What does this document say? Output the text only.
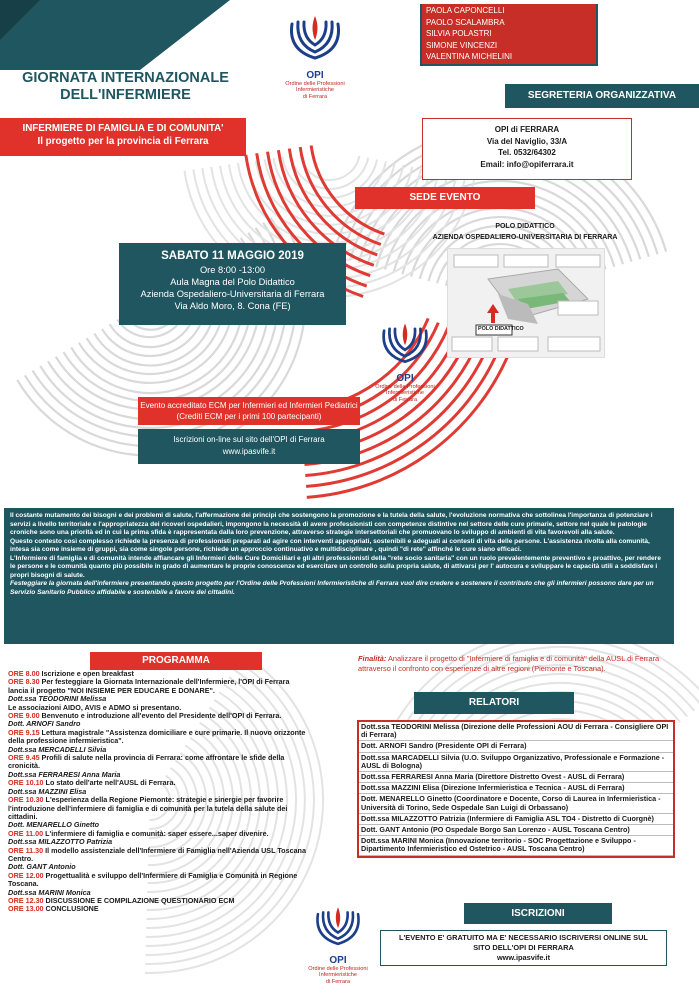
PAOLA CAPONCELLI
PAOLO SCALAMBRA
SILVIA POLASTRI
SIMONE VINCENZI
VALENTINA MICHELINI
GIORNATA INTERNAZIONALE
DELL'INFERMIERE
OPI
Ordine delle Professioni
Infermieristiche
di Ferrara
INFERMIERE DI FAMIGLIA E DI COMUNITA'
Il progetto per la provincia di Ferrara
SEGRETERIA ORGANIZZATIVA
OPI di FERRARA
Via del Naviglio, 33/A
Tel. 0532/64302
Email: info@opiferrara.it
SEDE EVENTO
POLO DIDATTICO
AZIENDA OSPEDALIERO-UNIVERSITARIA DI FERRARA
POLO DIDATTICO
OPI
Ordine delle Professioni
Infermieristiche
di Ferrara
SABATO 11 MAGGIO 2019
Ore 8:00 -13:00
Aula Magna del Polo Didattico
Azienda Ospedaliero-Universitaria di Ferrara
Via Aldo Moro, 8. Cona (FE)
Evento accreditato ECM per Infermieri ed Infermieri Pediatrici
(Crediti ECM per i primi 100 partecipanti)
Iscrizioni on-line sul sito dell'OPI di Ferrara
www.ipasvife.it
Il costante mutamento dei bisogni e dei problemi di salute, l'affermazione dei principi che sostengono la promozione e la tutela della salute, l'evoluzione normativa che sottolinea l'importanza di potenziare i servizi a livello territoriale e l'appropriatezza dei ricoveri ospedalieri, impongono la necessità di avere professionisti con competenze distintive nel settore delle cure primarie, settore nel quale le patologie croniche sono una priorità ed in cui la prima sfida è rappresentata dalla loro prevenzione, attraverso strategie intersettoriali che promuovano lo sviluppo di ambienti di vita favorevoli alla salute.
Questo contesto così complesso richiede la presenza di professionisti preparati ad agire con interventi appropriati, sostenibili e adeguati ai contesti di vita delle persone. L'assistenza rivolta alla comunità, intesa sia come insieme di gruppi, sia come singole persone, richiede un approccio continuativo e multidisciplinare , quindi "di rete" affinché le cure siano efficaci.
L'Infermiere di famiglia e di comunità intende affiancare gli Infermieri delle Cure Domiciliari e gli altri professionisti della "rete socio sanitaria" con un ruolo prevalentemente preventivo e proattivo, per rendere le persone e le comunità quanto più possibile in grado di aumentare le proprie conoscenze ed esercitare un controllo sulla propria salute, di attivarsi per l' autocura e sviluppare le capacità utili a soddisfare i propri bisogni di salute.
Festeggiare la giornata dell'infermiere presentando questo progetto per l'Ordine delle Professioni Infermieristiche di Ferrara vuol dire credere e sostenere il contributo che gli infermieri possono dare per un Servizio Sanitario Pubblico affidabile e sostenibile a favore dei cittadini.
PROGRAMMA
ORE 8.00 Iscrizione e open breakfast
ORE 8.30 Per festeggiare la Giornata Internazionale dell'Infermiere, l'OPI di Ferrara lancia il progetto "NOI INSIEME PER EDUCARE E DONARE".
Dott.ssa TEODORINI Melissa
Le associazioni AIDO, AVIS e ADMO si presentano.
ORE 9.00 Benvenuto e introduzione all'evento del Presidente dell'OPI di Ferrara.
Dott. ARNOFI Sandro
ORE 9.15 Lettura magistrale "Assistenza domiciliare e cure primarie. Il nuovo orizzonte della professione infermieristica".
Dott.ssa MERCADELLI Silvia
ORE 9.45 Profili di salute nella provincia di Ferrara: come affrontare le sfide della cronicità.
Dott.ssa FERRARESI Anna Maria
ORE 10.10 Lo stato dell'arte nell'AUSL di Ferrara.
Dott.ssa MAZZINI Elisa
ORE 10.30 L'esperienza della Regione Piemonte: strategie e sinergie per favorire l'introduzione dell'infermiere di famiglia e di comunità per la tutela della salute dei cittadini.
Dott. MENARELLO Ginetto
ORE 11.00 L'infermiere di famiglia e comunità: saper essere...saper divenire.
Dott.ssa MILAZZOTTO Patrizia
ORE 11.30 Il modello assistenziale dell'Infermiere di Famiglia nell'Azienda USL Toscana Centro.
Dott. GANT Antonio
ORE 12.00 Progettualità e sviluppo dell'Infermiere di Famiglia e Comunità in Regione Toscana.
Dott.ssa MARINI Monica
ORE 12.30 DISCUSSIONE E COMPILAZIONE QUESTIONARIO ECM
ORE 13.00 CONCLUSIONE
Finalità: Analizzare il progetto di "Infermiere di famiglia e di comunità" della AUSL di Ferrara attraverso il confronto con esperienze di altre regioni (Piemonte e Toscana).
RELATORI
Dott.ssa TEODORINI Melissa (Direzione delle Professioni AOU di Ferrara - Consigliere OPI di Ferrara)
Dott. ARNOFI Sandro (Presidente OPI di Ferrara)
Dott.ssa MARCADELLI Silvia (U.O. Sviluppo Organizzativo, Professionale e Formazione - AUSL di Bologna)
Dott.ssa FERRARESI Anna Maria (Direttore Distretto Ovest - AUSL di Ferrara)
Dott.ssa MAZZINI Elisa (Direzione Infermieristica e Tecnica - AUSL di Ferrara)
Dott. MENARELLO Ginetto (Coordinatore e Docente, Corso di Laurea in Infermieristica - Università di Torino, Sede Ospedale San Luigi di Orbassano)
Dott.ssa MILAZZOTTO Patrizia (Infermiere di Famiglia ASL TO4 - Distretto di Cuorgnè)
Dott. GANT Antonio (PO Ospedale Borgo San Lorenzo - AUSL Toscana Centro)
Dott.ssa MARINI Monica (Innovazione territorio - SOC Progettazione e Sviluppo - Dipartimento Infermieristico ed Ostetrico - AUSL Toscana Centro)
ISCRIZIONI
L'EVENTO E' GRATUITO MA E' NECESSARIO ISCRIVERSI ONLINE SUL
SITO DELL'OPI DI FERRARA
www.ipasvife.it
OPI
Ordine delle Professioni
Infermieristiche
di Ferrara
